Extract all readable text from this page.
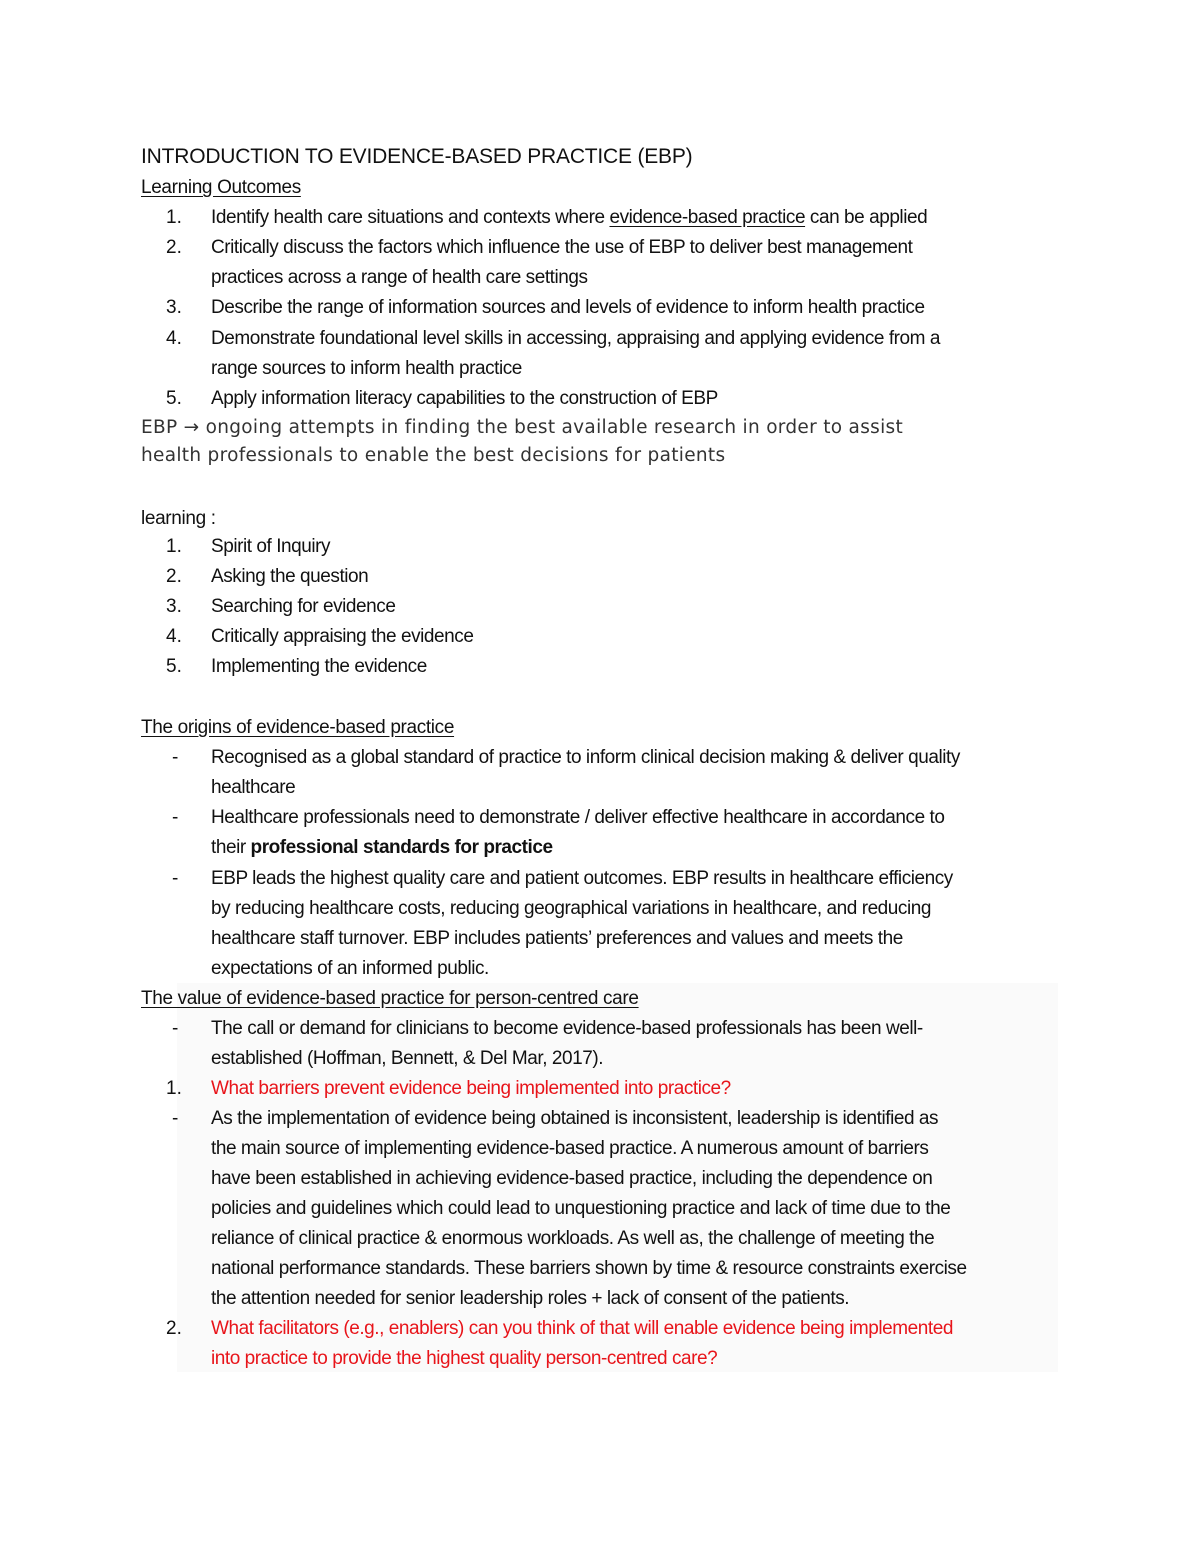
INTRODUCTION TO EVIDENCE-BASED PRACTICE (EBP)
Learning Outcomes
1. Identify health care situations and contexts where evidence-based practice can be applied
2. Critically discuss the factors which influence the use of EBP to deliver best management
practices across a range of health care settings
3. Describe the range of information sources and levels of evidence to inform health practice
4. Demonstrate foundational level skills in accessing, appraising and applying evidence from a
range sources to inform health practice
5. Apply information literacy capabilities to the construction of EBP
EBP → ongoing attempts in finding the best available research in order to assist
health professionals to enable the best decisions for patients
learning :
1. Spirit of Inquiry
2. Asking the question
3. Searching for evidence
4. Critically appraising the evidence
5. Implementing the evidence
The origins of evidence-based practice
- Recognised as a global standard of practice to inform clinical decision making & deliver quality
healthcare
- Healthcare professionals need to demonstrate / deliver effective healthcare in accordance to
their professional standards for practice
- EBP leads the highest quality care and patient outcomes. EBP results in healthcare efficiency
by reducing healthcare costs, reducing geographical variations in healthcare, and reducing
healthcare staff turnover. EBP includes patients’ preferences and values and meets the
expectations of an informed public.
The value of evidence-based practice for person-centred care
- The call or demand for clinicians to become evidence-based professionals has been well-
established (Hoffman, Bennett, & Del Mar, 2017).
1. What barriers prevent evidence being implemented into practice?
- As the implementation of evidence being obtained is inconsistent, leadership is identified as
the main source of implementing evidence-based practice. A numerous amount of barriers
have been established in achieving evidence-based practice, including the dependence on
policies and guidelines which could lead to unquestioning practice and lack of time due to the
reliance of clinical practice & enormous workloads. As well as, the challenge of meeting the
national performance standards. These barriers shown by time & resource constraints exercise
the attention needed for senior leadership roles + lack of consent of the patients.
2. What facilitators (e.g., enablers) can you think of that will enable evidence being implemented
into practice to provide the highest quality person-centred care?
